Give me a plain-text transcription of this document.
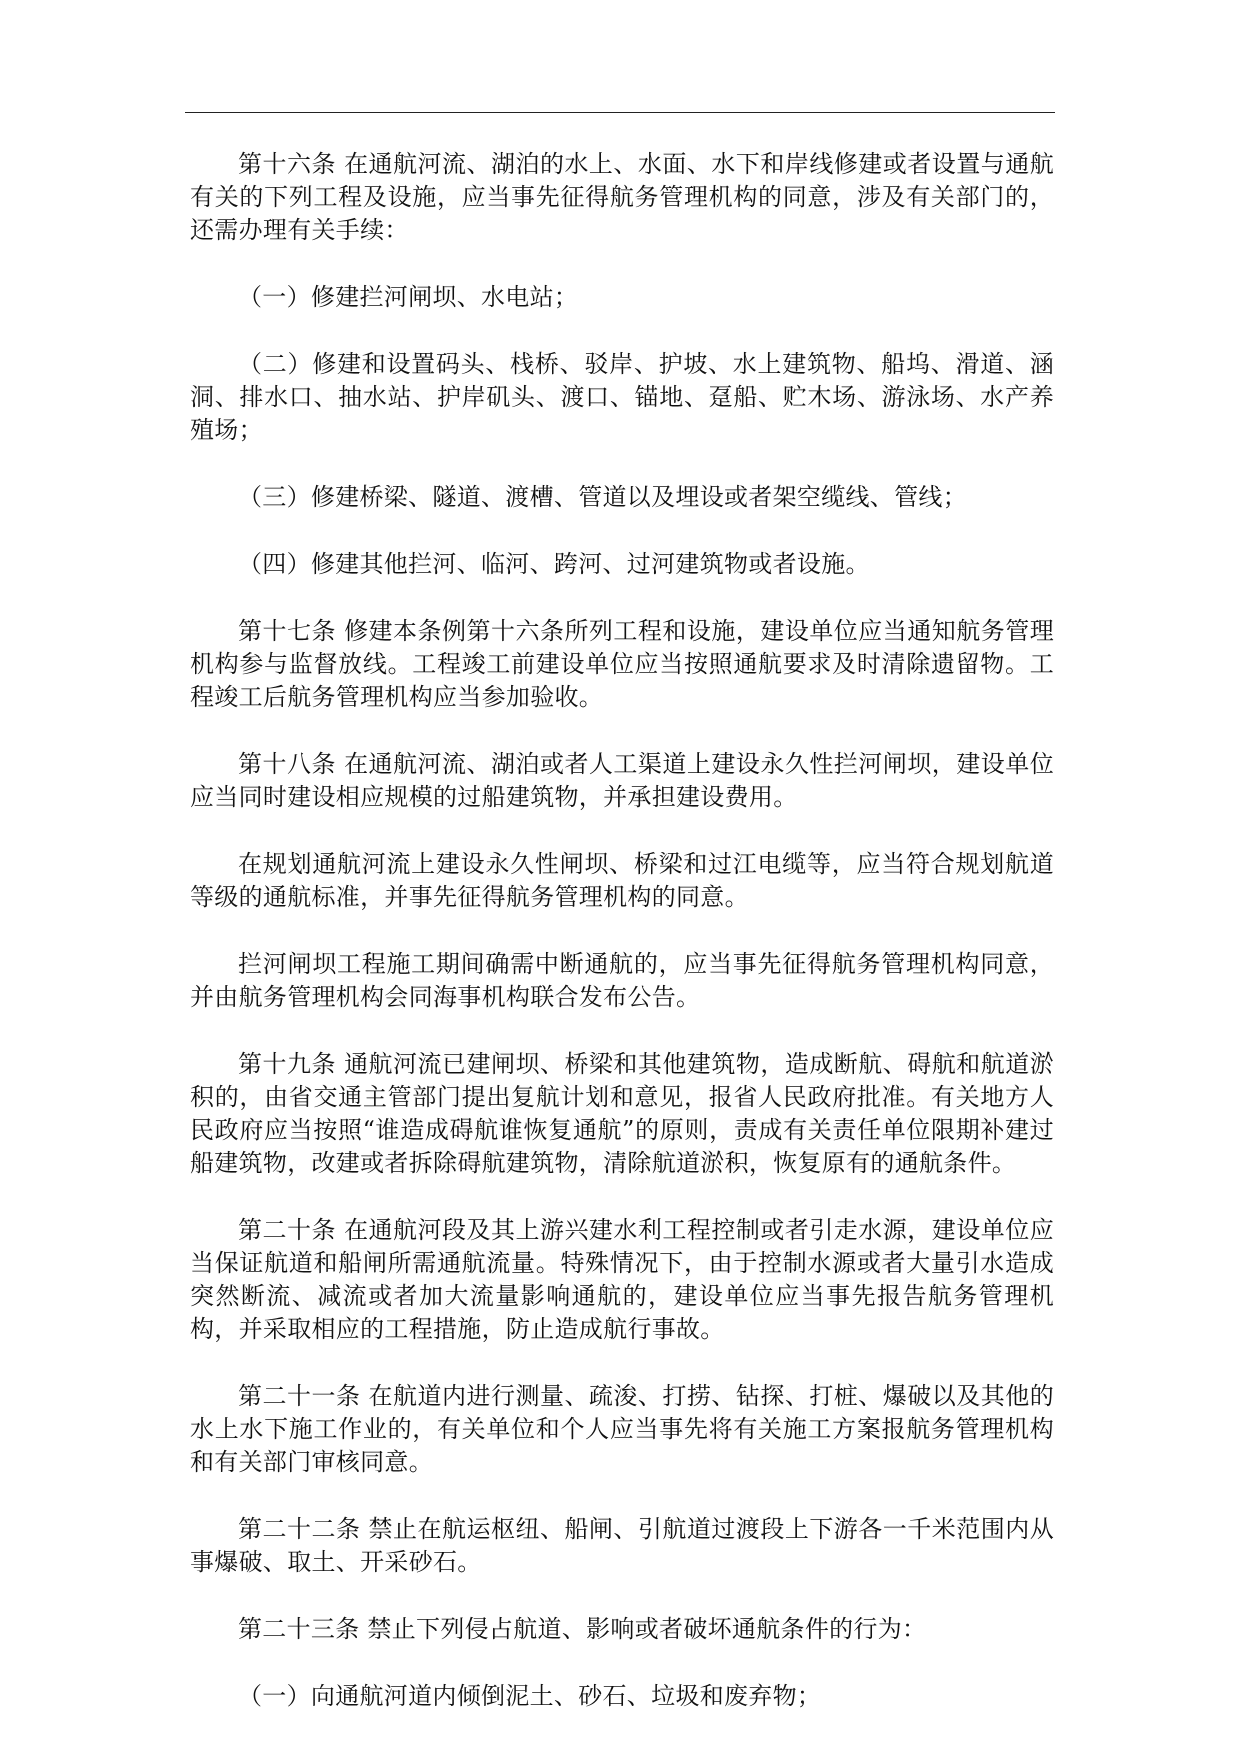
第十六条 在通航河流、湖泊的水上、水面、水下和岸线修建或者设置与通航有关的下列工程及设施，应当事先征得航务管理机构的同意，涉及有关部门的，还需办理有关手续：

（一）修建拦河闸坝、水电站；

（二）修建和设置码头、栈桥、驳岸、护坡、水上建筑物、船坞、滑道、涵洞、排水口、抽水站、护岸矶头、渡口、锚地、趸船、贮木场、游泳场、水产养殖场；

（三）修建桥梁、隧道、渡槽、管道以及埋设或者架空缆线、管线；

（四）修建其他拦河、临河、跨河、过河建筑物或者设施。

第十七条 修建本条例第十六条所列工程和设施，建设单位应当通知航务管理机构参与监督放线。工程竣工前建设单位应当按照通航要求及时清除遗留物。工程竣工后航务管理机构应当参加验收。

第十八条 在通航河流、湖泊或者人工渠道上建设永久性拦河闸坝，建设单位应当同时建设相应规模的过船建筑物，并承担建设费用。

在规划通航河流上建设永久性闸坝、桥梁和过江电缆等，应当符合规划航道等级的通航标准，并事先征得航务管理机构的同意。

拦河闸坝工程施工期间确需中断通航的，应当事先征得航务管理机构同意，并由航务管理机构会同海事机构联合发布公告。

第十九条 通航河流已建闸坝、桥梁和其他建筑物，造成断航、碍航和航道淤积的，由省交通主管部门提出复航计划和意见，报省人民政府批准。有关地方人民政府应当按照“谁造成碍航谁恢复通航”的原则，责成有关责任单位限期补建过船建筑物，改建或者拆除碍航建筑物，清除航道淤积，恢复原有的通航条件。

第二十条 在通航河段及其上游兴建水利工程控制或者引走水源，建设单位应当保证航道和船闸所需通航流量。特殊情况下，由于控制水源或者大量引水造成突然断流、减流或者加大流量影响通航的，建设单位应当事先报告航务管理机构，并采取相应的工程措施，防止造成航行事故。

第二十一条 在航道内进行测量、疏浚、打捞、钻探、打桩、爆破以及其他的水上水下施工作业的，有关单位和个人应当事先将有关施工方案报航务管理机构和有关部门审核同意。

第二十二条 禁止在航运枢纽、船闸、引航道过渡段上下游各一千米范围内从事爆破、取土、开采砂石。

第二十三条 禁止下列侵占航道、影响或者破坏通航条件的行为：

（一）向通航河道内倾倒泥土、砂石、垃圾和废弃物；
